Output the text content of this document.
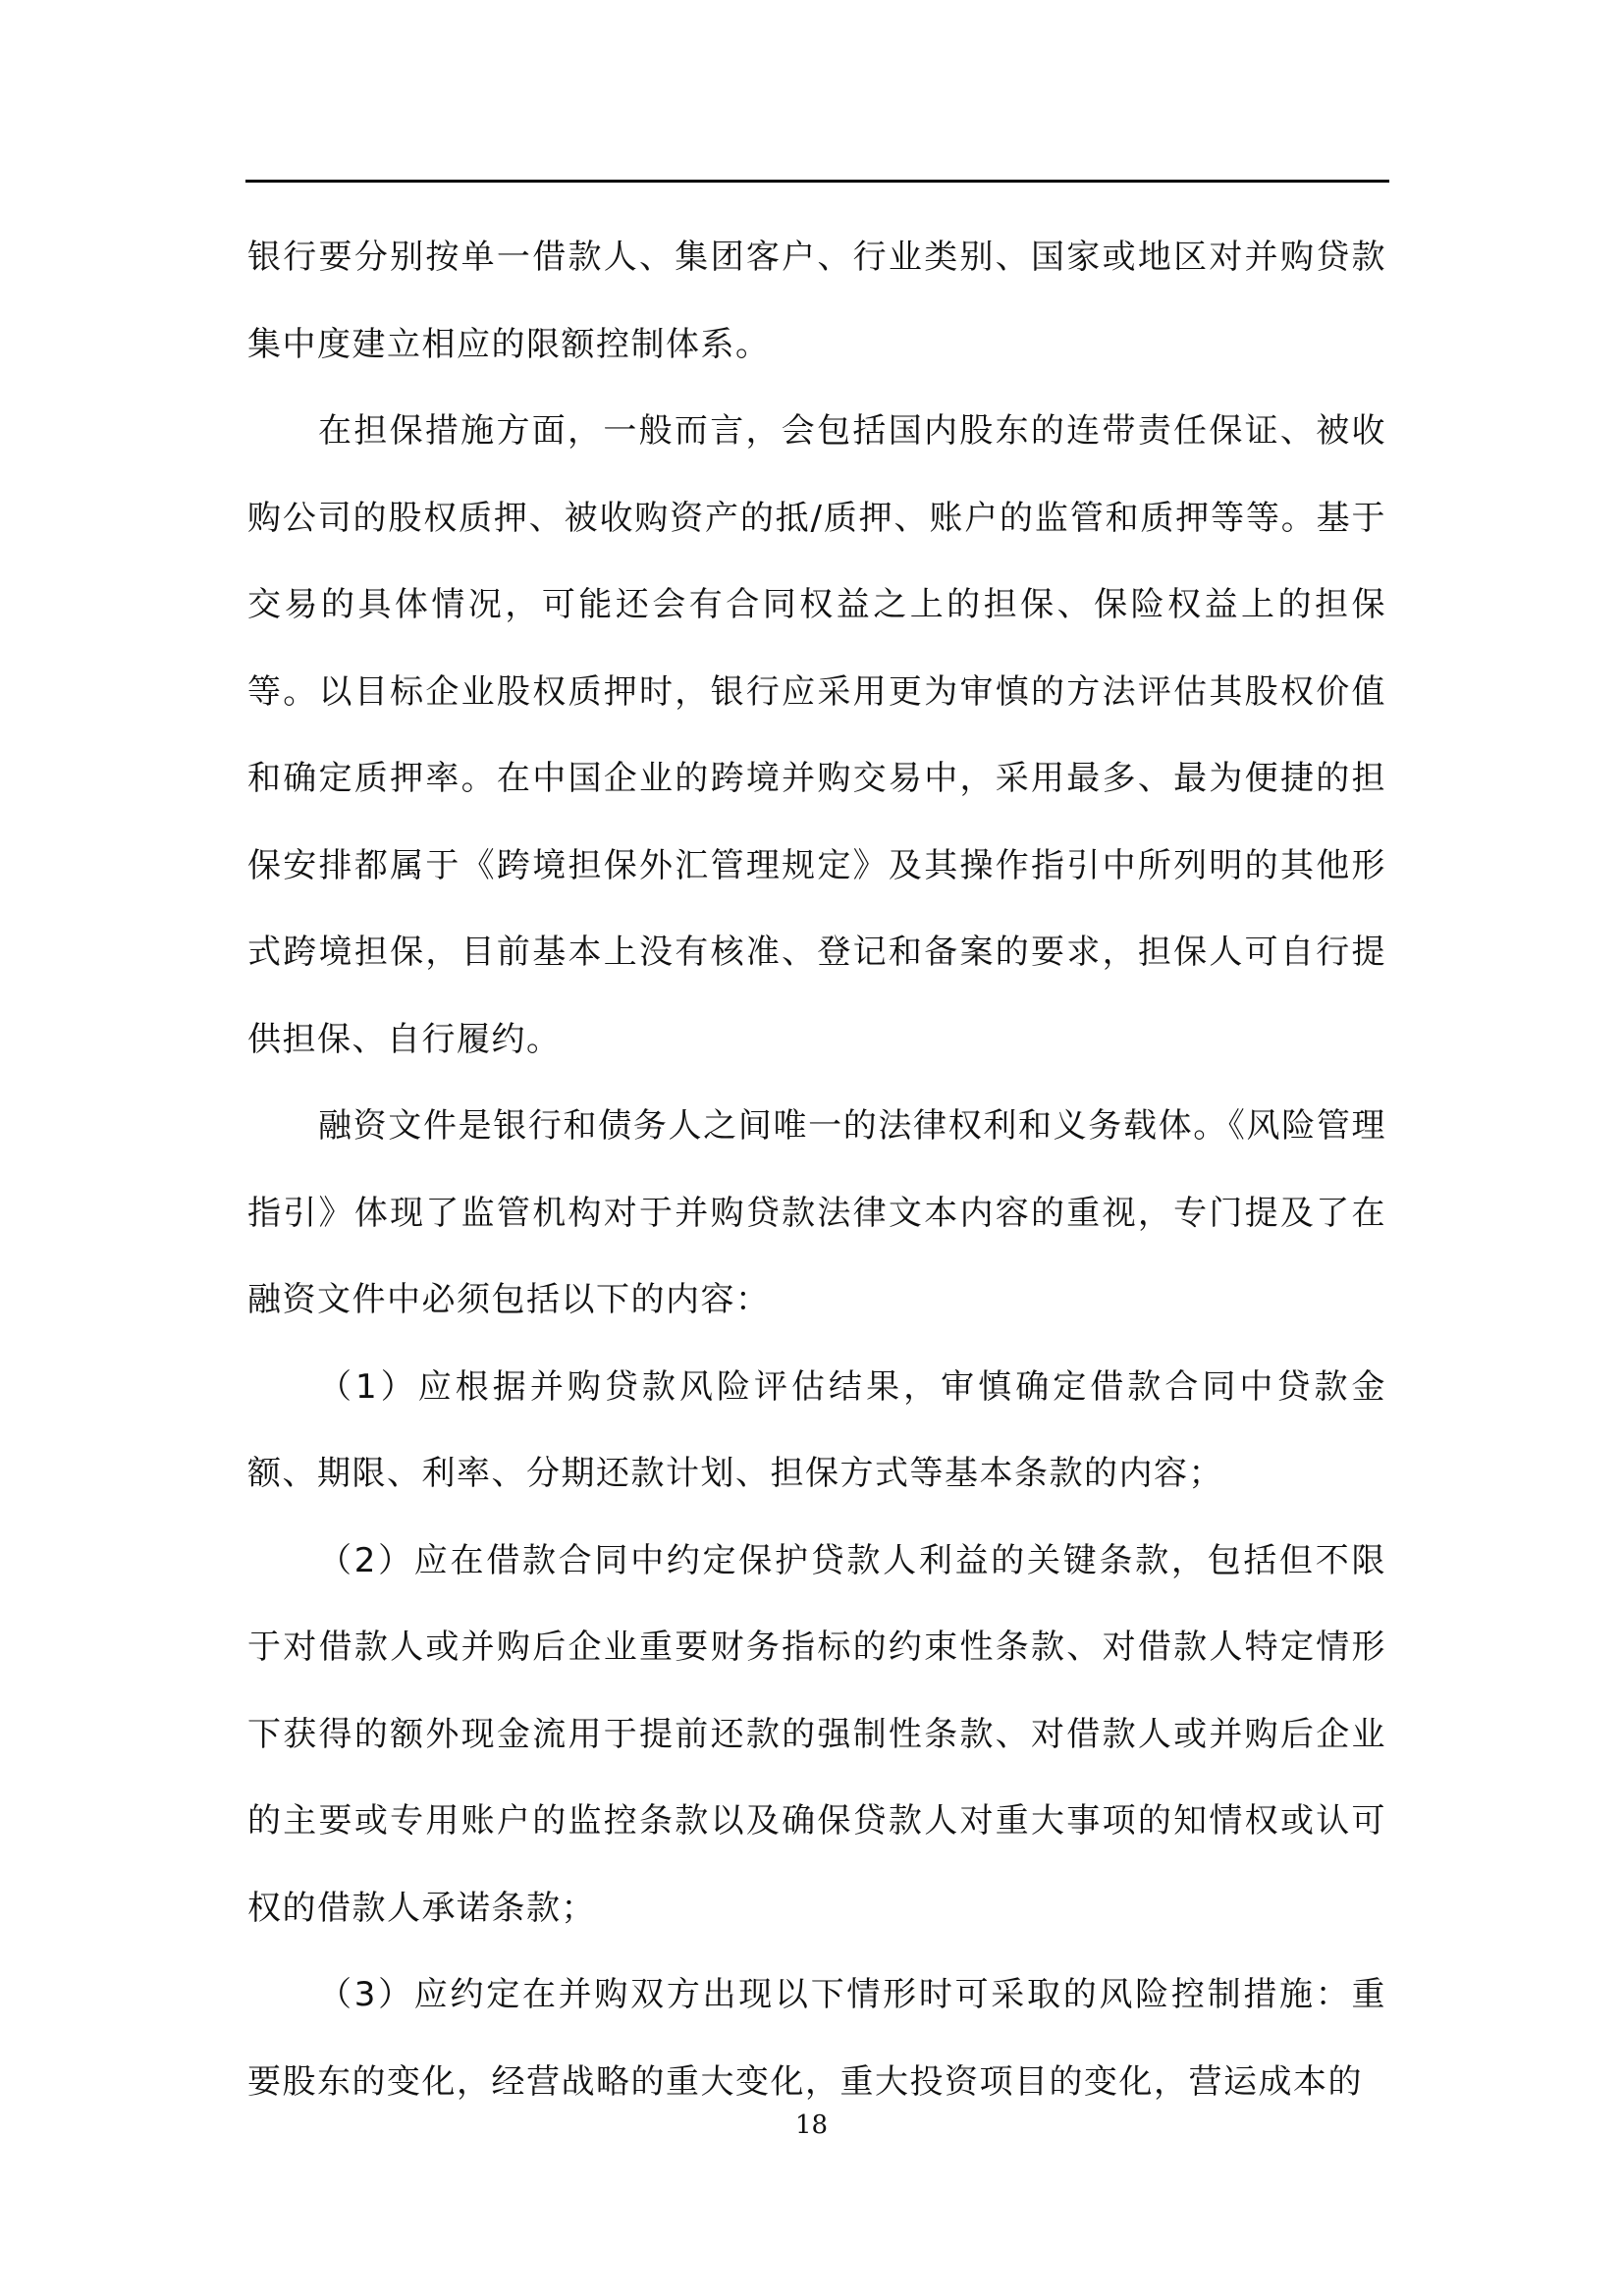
银行要分别按单一借款人、集团客户、行业类别、国家或地区对并购贷款集中度建立相应的限额控制体系。

在担保措施方面，一般而言，会包括国内股东的连带责任保证、被收购公司的股权质押、被收购资产的抵/质押、账户的监管和质押等等。基于交易的具体情况，可能还会有合同权益之上的担保、保险权益上的担保等。以目标企业股权质押时，银行应采用更为审慎的方法评估其股权价值和确定质押率。在中国企业的跨境并购交易中，采用最多、最为便捷的担保安排都属于《跨境担保外汇管理规定》及其操作指引中所列明的其他形式跨境担保，目前基本上没有核准、登记和备案的要求，担保人可自行提供担保、自行履约。

融资文件是银行和债务人之间唯一的法律权利和义务载体。《风险管理指引》体现了监管机构对于并购贷款法律文本内容的重视，专门提及了在融资文件中必须包括以下的内容：

（1）应根据并购贷款风险评估结果，审慎确定借款合同中贷款金额、期限、利率、分期还款计划、担保方式等基本条款的内容；

（2）应在借款合同中约定保护贷款人利益的关键条款，包括但不限于对借款人或并购后企业重要财务指标的约束性条款、对借款人特定情形下获得的额外现金流用于提前还款的强制性条款、对借款人或并购后企业的主要或专用账户的监控条款以及确保贷款人对重大事项的知情权或认可权的借款人承诺条款；

（3）应约定在并购双方出现以下情形时可采取的风险控制措施：重要股东的变化，经营战略的重大变化，重大投资项目的变化，营运成本的

18
